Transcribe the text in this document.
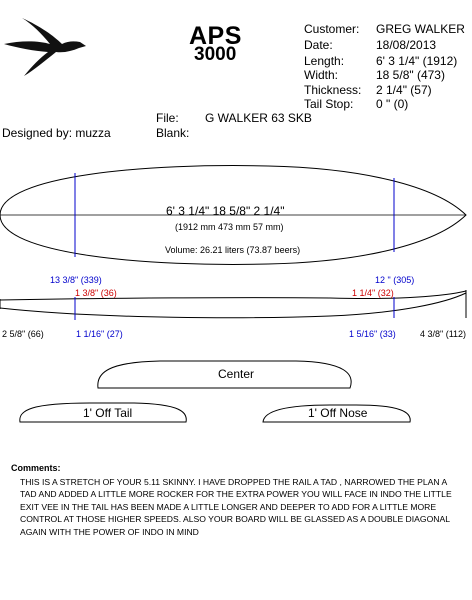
APS
3000
Customer: GREG WALKER
Date:	18/08/2013
Length:	6' 3 1/4" (1912)
Width:	18 5/8" (473)
Thickness: 2 1/4" (57)
Tail Stop: 0 " (0)
File: G WALKER 63 SKB
Blank:
Designed by: muzza
6' 3 1/4" 18 5/8" 2 1/4"
(1912 mm 473 mm 57 mm)
Volume: 26.21 liters (73.87 beers)
13 3/8" (339)	12 " (305)
1 3/8" (36)	1 1/4" (32)
2 5/8" (66)	1 1/16" (27)	1 5/16" (33)	4 3/8" (112)
Center
1' Off Tail	1' Off Nose
Comments:
THIS IS A STRETCH OF YOUR 5.11 SKINNY. I HAVE DROPPED THE RAIL A TAD , NARROWED THE PLAN A TAD AND ADDED A LITTLE MORE ROCKER FOR THE EXTRA POWER YOU WILL FACE IN INDO THE LITTLE EXIT VEE IN THE TAIL HAS BEEN MADE A LITTLE LONGER AND DEEPER TO ADD FOR A LITTLE MORE CONTROL AT THOSE HIGHER SPEEDS. ALSO YOUR BOARD WILL BE GLASSED AS A DOUBLE DIAGONAL AGAIN WITH THE POWER OF INDO IN MIND
